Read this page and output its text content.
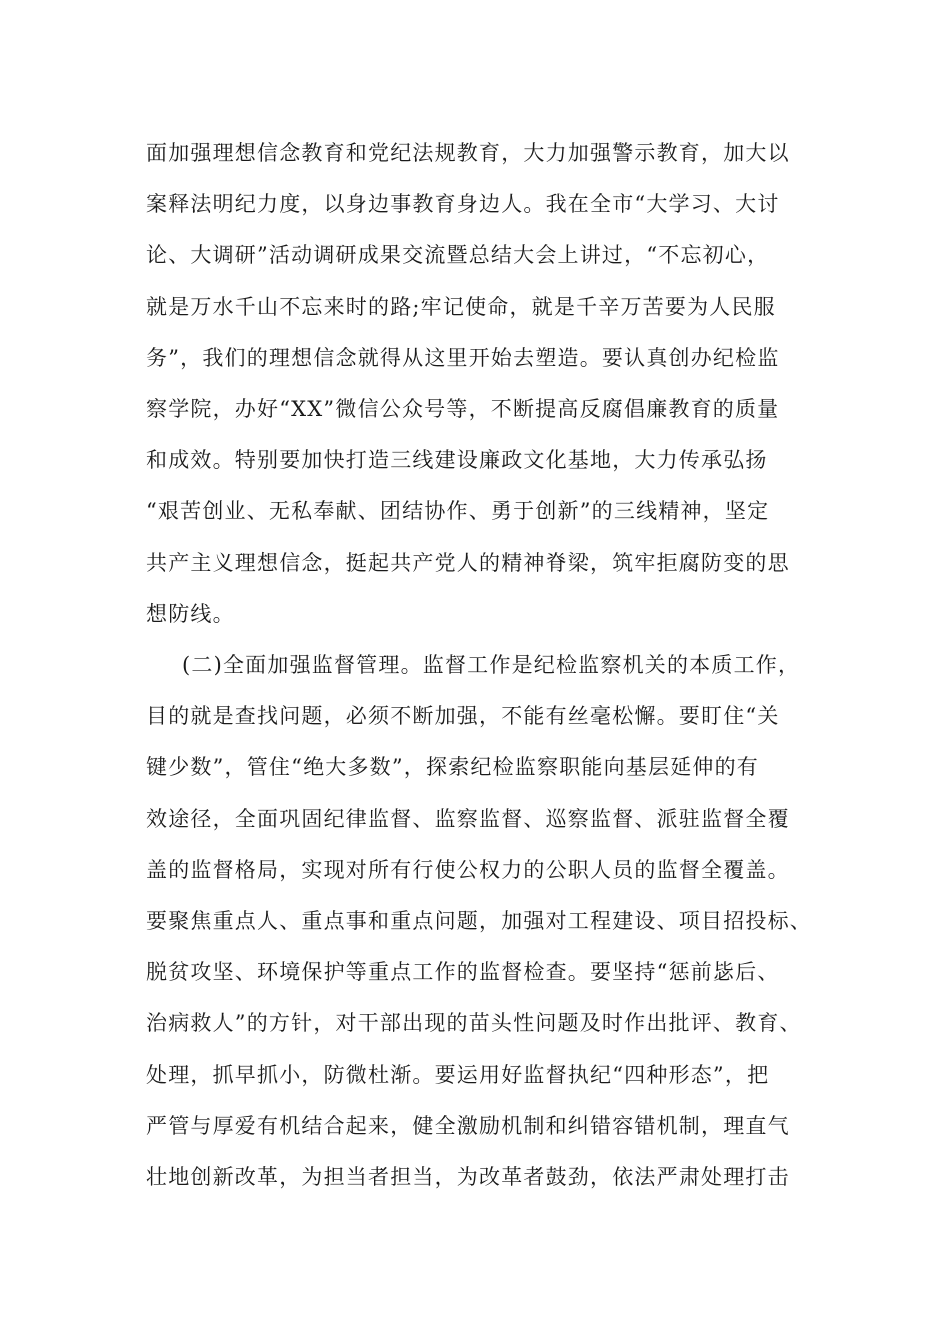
面加强理想信念教育和党纪法规教育，大力加强警示教育，加大以
案释法明纪力度，以身边事教育身边人。我在全市“大学习、大讨
论、大调研”活动调研成果交流暨总结大会上讲过，“不忘初心，
就是万水千山不忘来时的路;牢记使命，就是千辛万苦要为人民服
务”，我们的理想信念就得从这里开始去塑造。要认真创办纪检监
察学院，办好“XX”微信公众号等，不断提高反腐倡廉教育的质量
和成效。特别要加快打造三线建设廉政文化基地，大力传承弘扬
“艰苦创业、无私奉献、团结协作、勇于创新”的三线精神，坚定
共产主义理想信念，挺起共产党人的精神脊梁，筑牢拒腐防变的思
想防线。
(二)全面加强监督管理。监督工作是纪检监察机关的本质工作，
目的就是查找问题，必须不断加强，不能有丝毫松懈。要盯住“关
键少数”，管住“绝大多数”，探索纪检监察职能向基层延伸的有
效途径，全面巩固纪律监督、监察监督、巡察监督、派驻监督全覆
盖的监督格局，实现对所有行使公权力的公职人员的监督全覆盖。
要聚焦重点人、重点事和重点问题，加强对工程建设、项目招投标、
脱贫攻坚、环境保护等重点工作的监督检查。要坚持“惩前毖后、
治病救人”的方针，对干部出现的苗头性问题及时作出批评、教育、
处理，抓早抓小，防微杜渐。要运用好监督执纪“四种形态”，把
严管与厚爱有机结合起来，健全激励机制和纠错容错机制，理直气
壮地创新改革，为担当者担当，为改革者鼓劲，依法严肃处理打击
